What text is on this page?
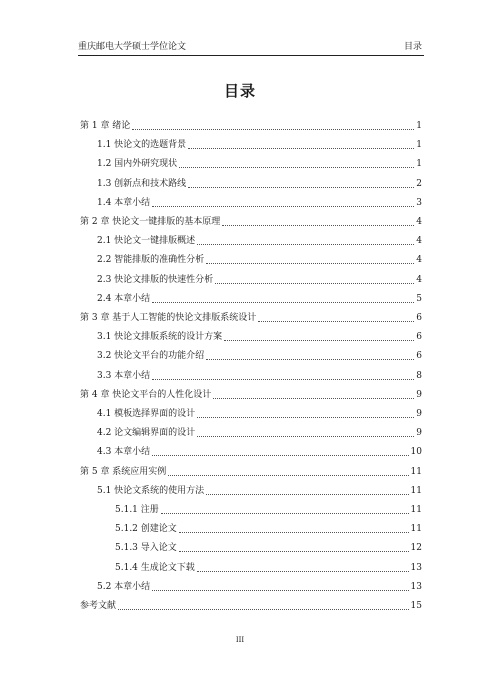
重庆邮电大学硕士学位论文	目录
目录
第 1 章 绪论	1
1.1 快论文的选题背景	1
1.2 国内外研究现状	1
1.3 创新点和技术路线	2
1.4 本章小结	3
第 2 章 快论文一键排版的基本原理	4
2.1 快论文一键排版概述	4
2.2 智能排版的准确性分析	4
2.3 快论文排版的快速性分析	4
2.4 本章小结	5
第 3 章 基于人工智能的快论文排版系统设计	6
3.1 快论文排版系统的设计方案	6
3.2 快论文平台的功能介绍	6
3.3 本章小结	8
第 4 章 快论文平台的人性化设计	9
4.1 模板选择界面的设计	9
4.2 论文编辑界面的设计	9
4.3 本章小结	10
第 5 章 系统应用实例	11
5.1 快论文系统的使用方法	11
5.1.1 注册	11
5.1.2 创建论文	11
5.1.3 导入论文	12
5.1.4 生成论文下载	13
5.2 本章小结	13
参考文献	15
III
